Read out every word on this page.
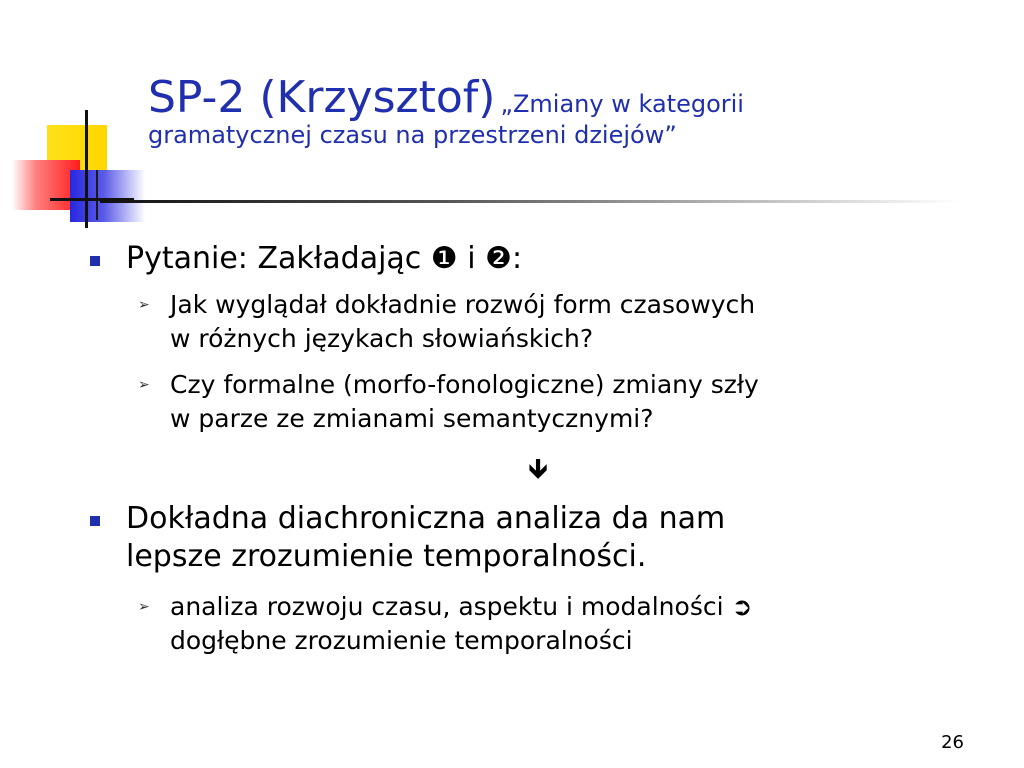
SP-2 (Krzysztof) „Zmiany w kategorii
gramatycznej czasu na przestrzeni dziejów”
Pytanie: Zakładając ❶ i ❷:
➢ Jak wyglądał dokładnie rozwój form czasowych
w różnych językach słowiańskich?
➢ Czy formalne (morfo-fonologiczne) zmiany szły
w parze ze zmianami semantycznymi?
🡻
Dokładna diachroniczna analiza da nam
lepsze zrozumienie temporalności.
➢ analiza rozwoju czasu, aspektu i modalności ➲
dogłębne zrozumienie temporalności
26
